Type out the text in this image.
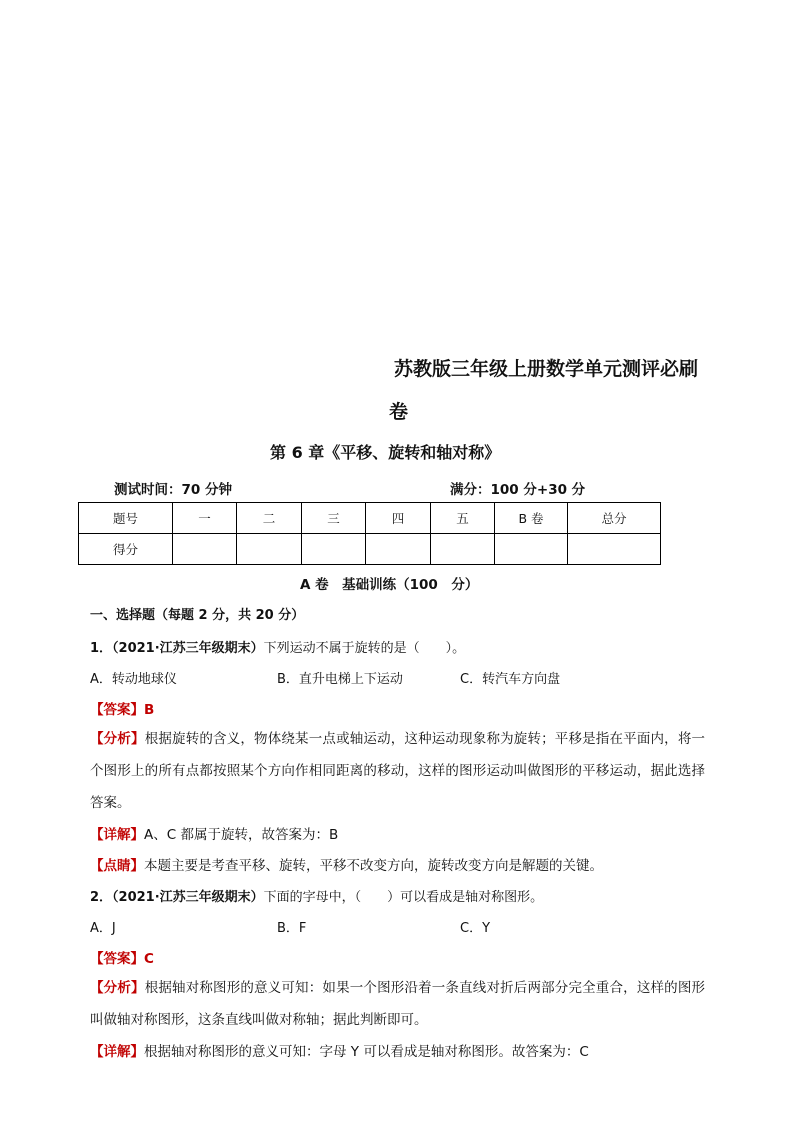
苏教版三年级上册数学单元测评必刷
卷
第 6 章《平移、旋转和轴对称》
测试时间：70 分钟	满分：100 分+30 分
题号	一	二	三	四	五	B 卷	总分
得分							
A 卷　基础训练（100　分）
一、选择题（每题 2 分，共 20 分）
1．（2021·江苏三年级期末）下列运动不属于旋转的是（　　）。
A．转动地球仪	B．直升电梯上下运动	C．转汽车方向盘
【答案】B
【分析】根据旋转的含义，物体绕某一点或轴运动，这种运动现象称为旋转；平移是指在平面内，将一个图形上的所有点都按照某个方向作相同距离的移动，这样的图形运动叫做图形的平移运动，据此选择答案。
【详解】A、C 都属于旋转，故答案为：B
【点睛】本题主要是考查平移、旋转，平移不改变方向，旋转改变方向是解题的关键。
2．（2021·江苏三年级期末）下面的字母中，（　　）可以看成是轴对称图形。
A．J	B．F	C．Y
【答案】C
【分析】根据轴对称图形的意义可知：如果一个图形沿着一条直线对折后两部分完全重合，这样的图形叫做轴对称图形，这条直线叫做对称轴；据此判断即可。
【详解】根据轴对称图形的意义可知：字母 Y 可以看成是轴对称图形。故答案为：C
